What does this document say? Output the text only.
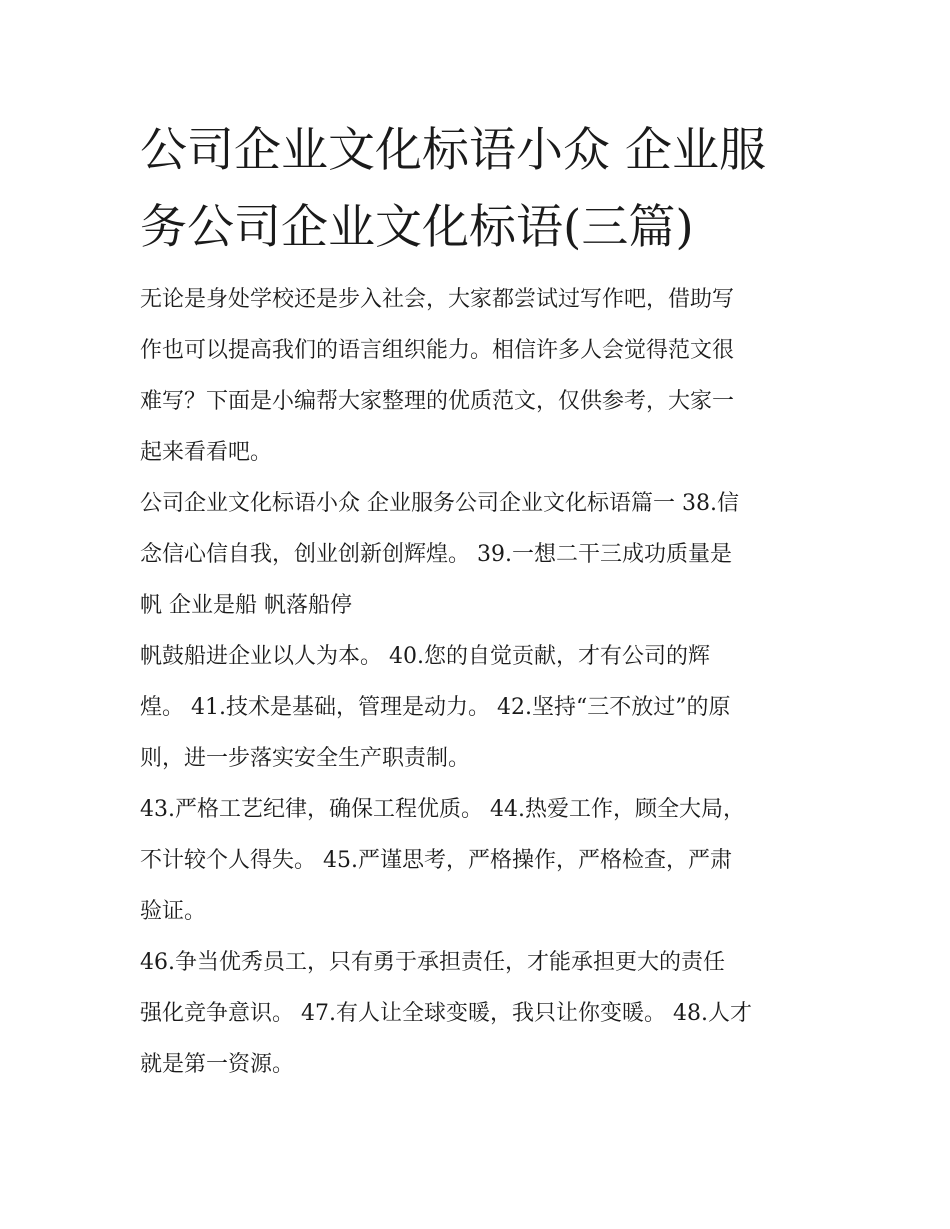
公司企业文化标语小众 企业服
务公司企业文化标语(三篇)

无论是身处学校还是步入社会，大家都尝试过写作吧，借助写
作也可以提高我们的语言组织能力。相信许多人会觉得范文很
难写？下面是小编帮大家整理的优质范文，仅供参考，大家一
起来看看吧。

公司企业文化标语小众 企业服务公司企业文化标语篇一 38.信
念信心信自我，创业创新创辉煌。 39.一想二干三成功质量是
帆 企业是船 帆落船停

帆鼓船进企业以人为本。 40.您的自觉贡献，才有公司的辉
煌。 41.技术是基础，管理是动力。 42.坚持“三不放过”的原
则，进一步落实安全生产职责制。

43.严格工艺纪律，确保工程优质。 44.热爱工作，顾全大局，
不计较个人得失。 45.严谨思考，严格操作，严格检查，严肃
验证。

46.争当优秀员工，只有勇于承担责任，才能承担更大的责任
强化竞争意识。 47.有人让全球变暖，我只让你变暖。 48.人才
就是第一资源。
